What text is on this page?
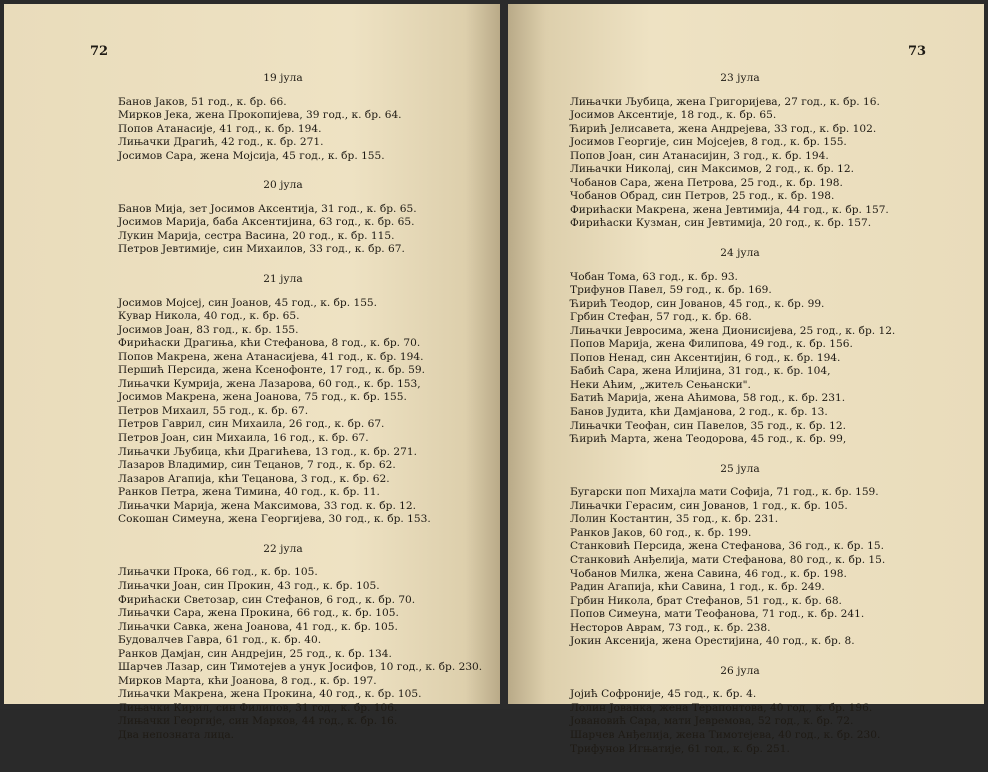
72
19 јула
Банов Јаков, 51 год., к. бр. 66.
Мирков Јека, жена Прокопијева, 39 год., к. бр. 64.
Попов Атанасије, 41 год., к. бр. 194.
Лињачки Драгић, 42 год., к. бр. 271.
Јосимов Сара, жена Мојсија, 45 год., к. бр. 155.
20 јула
Банов Мија, зет Јосимов Аксентија, 31 год., к. бр. 65.
Јосимов Марија, баба Аксентијина, 63 год., к. бр. 65.
Лукин Марија, сестра Васина, 20 год., к. бр. 115.
Петров Јевтимије, син Михаилов, 33 год., к. бр. 67.
21 јула
Јосимов Мојсеј, син Јоанов, 45 год., к. бр. 155.
Кувар Никола, 40 год., к. бр. 65.
Јосимов Јоан, 83 год., к. бр. 155.
Фирићаски Драгиња, кћи Стефанова, 8 год., к. бр. 70.
Попов Макрена, жена Атанасијева, 41 год., к. бр. 194.
Першић Персида, жена Ксенофонте, 17 год., к. бр. 59.
Лињачки Кумрија, жена Лазарова, 60 год., к. бр. 153,
Јосимов Макрена, жена Јоанова, 75 год., к. бр. 155.
Петров Михаил, 55 год., к. бр. 67.
Петров Гаврил, син Михаила, 26 год., к. бр. 67.
Петров Јоан, син Михаила, 16 год., к. бр. 67.
Лињачки Љубица, кћи Драгићева, 13 год., к. бр. 271.
Лазаров Владимир, син Тецанов, 7 год., к. бр. 62.
Лазаров Агапија, кћи Тецанова, 3 год., к. бр. 62.
Ранков Петра, жена Тимина, 40 год., к. бр. 11.
Лињачки Марија, жена Максимова, 33 год. к. бр. 12.
Сокошан Симеуна, жена Георгијева, 30 год., к. бр. 153.
22 јула
Лињачки Прока, 66 год., к. бр. 105.
Лињачки Јоан, син Прокин, 43 год., к. бр. 105.
Фирићаски Светозар, син Стефанов, 6 год., к. бр. 70.
Лињачки Сара, жена Прокина, 66 год., к. бр. 105.
Лињачки Савка, жена Јоанова, 41 год., к. бр. 105.
Будовалчев Гавра, 61 год., к. бр. 40.
Ранков Дамјан, син Андрејин, 25 год., к. бр. 134.
Шарчев Лазар, син Тимотејев а унук Јосифов, 10 год., к. бр. 230.
Мирков Марта, кћи Јоанова, 8 год., к. бр. 197.
Лињачки Макрена, жена Прокина, 40 год., к. бр. 105.
Лињачки Кирил, син Филипов, 31 год., к. бр. 106.
Лињачки Георгије, син Марков, 44 год., к. бр. 16.
Два непозната лица.
73
23 јула
Лињачки Љубица, жена Григоријева, 27 год., к. бр. 16.
Јосимов Аксентије, 18 год., к. бр. 65.
Ћирић Јелисавета, жена Андрејева, 33 год., к. бр. 102.
Јосимов Георгије, син Мојсејев, 8 год., к. бр. 155.
Попов Јоан, син Атанасијин, 3 год., к. бр. 194.
Лињачки Николај, син Максимов, 2 год., к. бр. 12.
Чобанов Сара, жена Петрова, 25 год., к. бр. 198.
Чобанов Обрад, син Петров, 25 год., к. бр. 198.
Фирићаски Макрена, жена Јевтимија, 44 год., к. бр. 157.
Фирићаски Кузман, син Јевтимија, 20 год., к. бр. 157.
24 јула
Чобан Тома, 63 год., к. бр. 93.
Трифунов Павел, 59 год., к. бр. 169.
Ћирић Теодор, син Јованов, 45 год., к. бр. 99.
Грбин Стефан, 57 год., к. бр. 68.
Лињачки Јевросима, жена Дионисијева, 25 год., к. бр. 12.
Попов Марија, жена Филипова, 49 год., к. бр. 156.
Попов Ненад, син Аксентијин, 6 год., к. бр. 194.
Бабић Сара, жена Илијина, 31 год., к. бр. 104,
Неки Аћим, „житељ Сењански".
Батић Марија, жена Аћимова, 58 год., к. бр. 231.
Банов Јудита, кћи Дамјанова, 2 год., к. бр. 13.
Лињачки Теофан, син Павелов, 35 год., к. бр. 12.
Ћирић Марта, жена Теодорова, 45 год., к. бр. 99,
25 јула
Бугарски поп Михајла мати Софија, 71 год., к. бр. 159.
Лињачки Герасим, син Јованов, 1 год., к. бр. 105.
Лолин Костантин, 35 год., к. бр. 231.
Ранков Јаков, 60 год., к. бр. 199.
Станковић Персида, жена Стефанова, 36 год., к. бр. 15.
Станковић Анђелија, мати Стефанова, 80 год., к. бр. 15.
Чобанов Милка, жена Савина, 46 год., к. бр. 198.
Радин Агапија, кћи Савина, 1 год., к. бр. 249.
Грбин Никола, брат Стефанов, 51 год., к. бр. 68.
Попов Симеуна, мати Теофанова, 71 год., к. бр. 241.
Несторов Аврам, 73 год., к. бр. 238.
Јокин Аксенија, жена Орестијина, 40 год., к. бр. 8.
26 јула
Јојић Софроније, 45 год., к. бр. 4.
Лолин Јованка, жена Терапонтова, 40 год., к. бр. 196.
Јовановић Сара, мати Јевремова, 52 год., к. бр. 72.
Шарчев Анђелија, жена Тимотејева, 40 год., к. бр. 230.
Трифунов Игњатије, 61 год., к. бр. 251.
